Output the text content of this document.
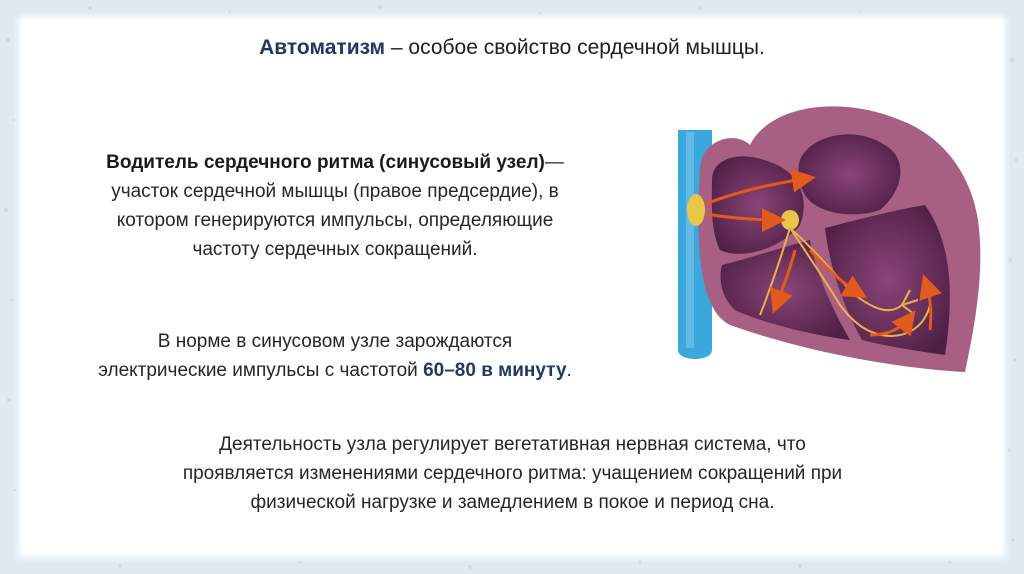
Автоматизм – особое свойство сердечной мышцы.
Водитель сердечного ритма (синусовый узел)—
участок сердечной мышцы (правое предсердие), в
котором генерируются импульсы, определяющие
частоту сердечных сокращений.
В норме в синусовом узле зарождаются
электрические импульсы с частотой 60–80 в минуту.
Деятельность узла регулирует вегетативная нервная система, что
проявляется изменениями сердечного ритма: учащением сокращений при
физической нагрузке и замедлением в покое и период сна.
